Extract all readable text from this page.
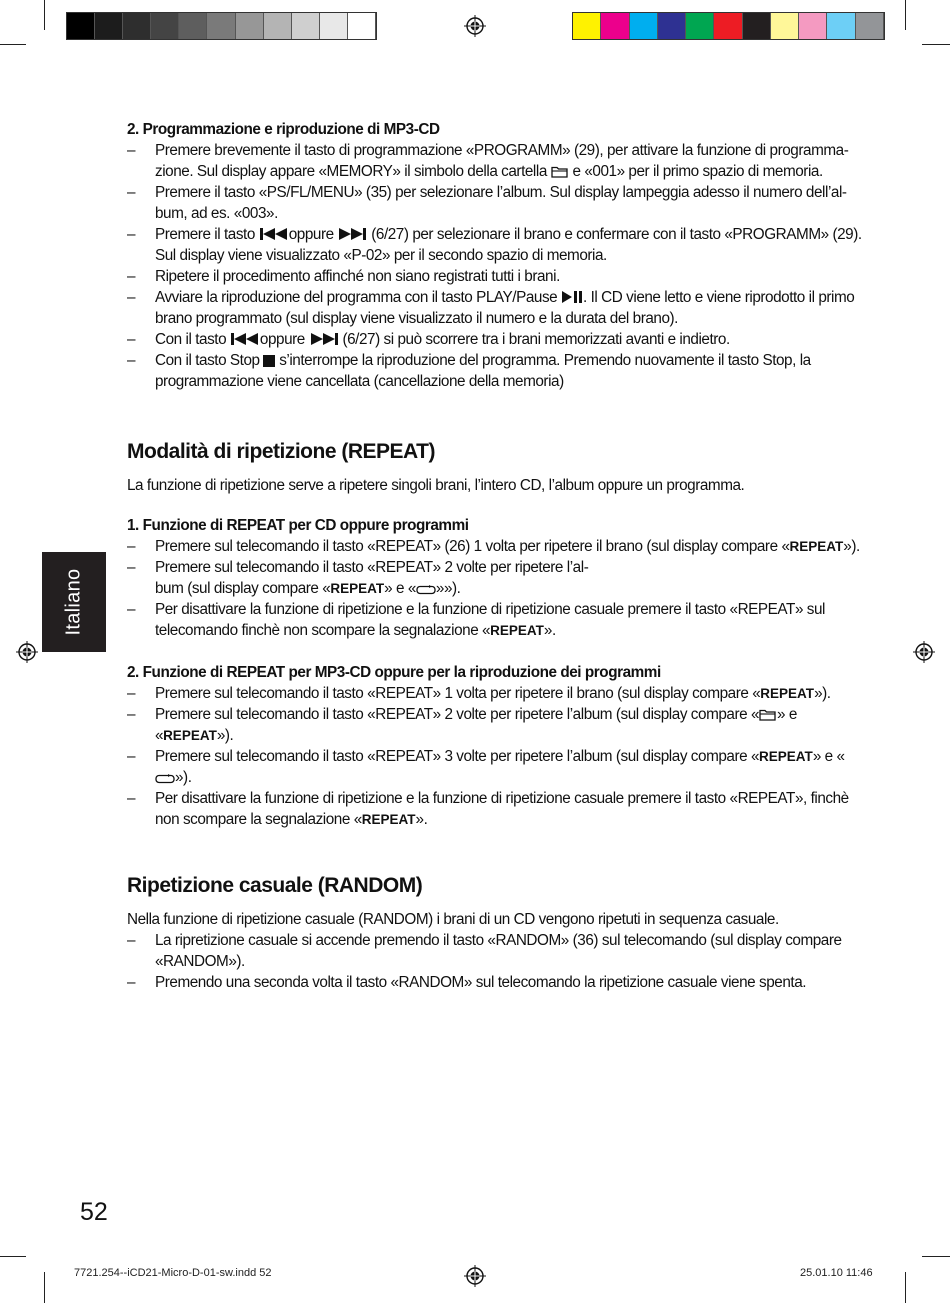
Italiano

2. Programmazione e riproduzione di MP3-CD

– Premere brevemente il tasto di programmazione «PROGRAMM» (29), per attivare la funzione di programma-zione. Sul display appare «MEMORY» il simbolo della cartella  e «001» per il primo spazio di memoria.

– Premere il tasto «PS/FL/MENU» (35) per selezionare l’album. Sul display lampeggia adesso il numero dell’al-bum, ad es. «003».

– Premere il tasto oppure  (6/27) per selezionare il brano e confermare con il tasto «PROGRAMM» (29). Sul display viene visualizzato «P-02» per il secondo spazio di memoria.

– Ripetere il procedimento affinché non siano registrati tutti i brani.

– Avviare la riproduzione del programma con il tasto PLAY/Pause . Il CD viene letto e viene riprodotto il primo brano programmato (sul display viene visualizzato il numero e la durata del brano).

– Con il tasto oppure  (6/27) si può scorrere tra i brani memorizzati avanti e indietro.

– Con il tasto Stop  s’interrompe la riproduzione del programma. Premendo nuovamente il tasto Stop, la programmazione viene cancellata (cancellazione della memoria)

Modalità di ripetizione (REPEAT)

La funzione di ripetizione serve a ripetere singoli brani, l’intero CD, l’album oppure un programma.

1. Funzione di REPEAT per CD oppure programmi

– Premere sul telecomando il tasto «REPEAT» (26) 1 volta per ripetere il brano (sul display compare «REPEAT»).

– Premere sul telecomando il tasto «REPEAT» 2 volte per ripetere l’al-
bum (sul display compare «REPEAT» e « »»).

– Per disattivare la funzione di ripetizione e la funzione di ripetizione casuale premere il tasto «REPEAT» sul telecomando finchè non scompare la segnalazione «REPEAT».

2. Funzione di REPEAT per MP3-CD oppure per la riproduzione dei programmi

– Premere sul telecomando il tasto «REPEAT» 1 volta per ripetere il brano (sul display compare «REPEAT»).

– Premere sul telecomando il tasto «REPEAT» 2 volte per ripetere l’album (sul display compare « » e «REPEAT»).

– Premere sul telecomando il tasto «REPEAT» 3 volte per ripetere l’album (sul display compare «REPEAT» e «»).

– Per disattivare la funzione di ripetizione e la funzione di ripetizione casuale premere il tasto «REPEAT», finchè non scompare la segnalazione «REPEAT».

Ripetizione casuale (RANDOM)

Nella funzione di ripetizione casuale (RANDOM) i brani di un CD vengono ripetuti in sequenza casuale.

– La ripretizione casuale si accende premendo il tasto «RANDOM» (36) sul telecomando (sul display compare «RANDOM»).

– Premendo una seconda volta il tasto «RANDOM» sul telecomando la ripetizione casuale viene spenta.

52
7721.254--iCD21-Micro-D-01-sw.indd 52	25.01.10 11:46
